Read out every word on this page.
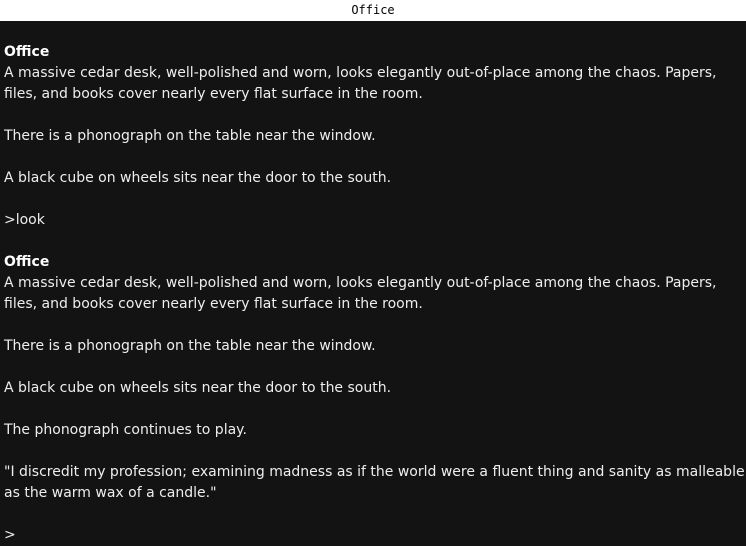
Office

Office

A massive cedar desk, well-polished and worn, looks elegantly out-of-place among the chaos. Papers, files, and books cover nearly every flat surface in the room.

There is a phonograph on the table near the window.

A black cube on wheels sits near the door to the south.

>look

Office

A massive cedar desk, well-polished and worn, looks elegantly out-of-place among the chaos. Papers, files, and books cover nearly every flat surface in the room.

There is a phonograph on the table near the window.

A black cube on wheels sits near the door to the south.

The phonograph continues to play.

"I discredit my profession; examining madness as if the world were a fluent thing and sanity as malleable as the warm wax of a candle."

>
